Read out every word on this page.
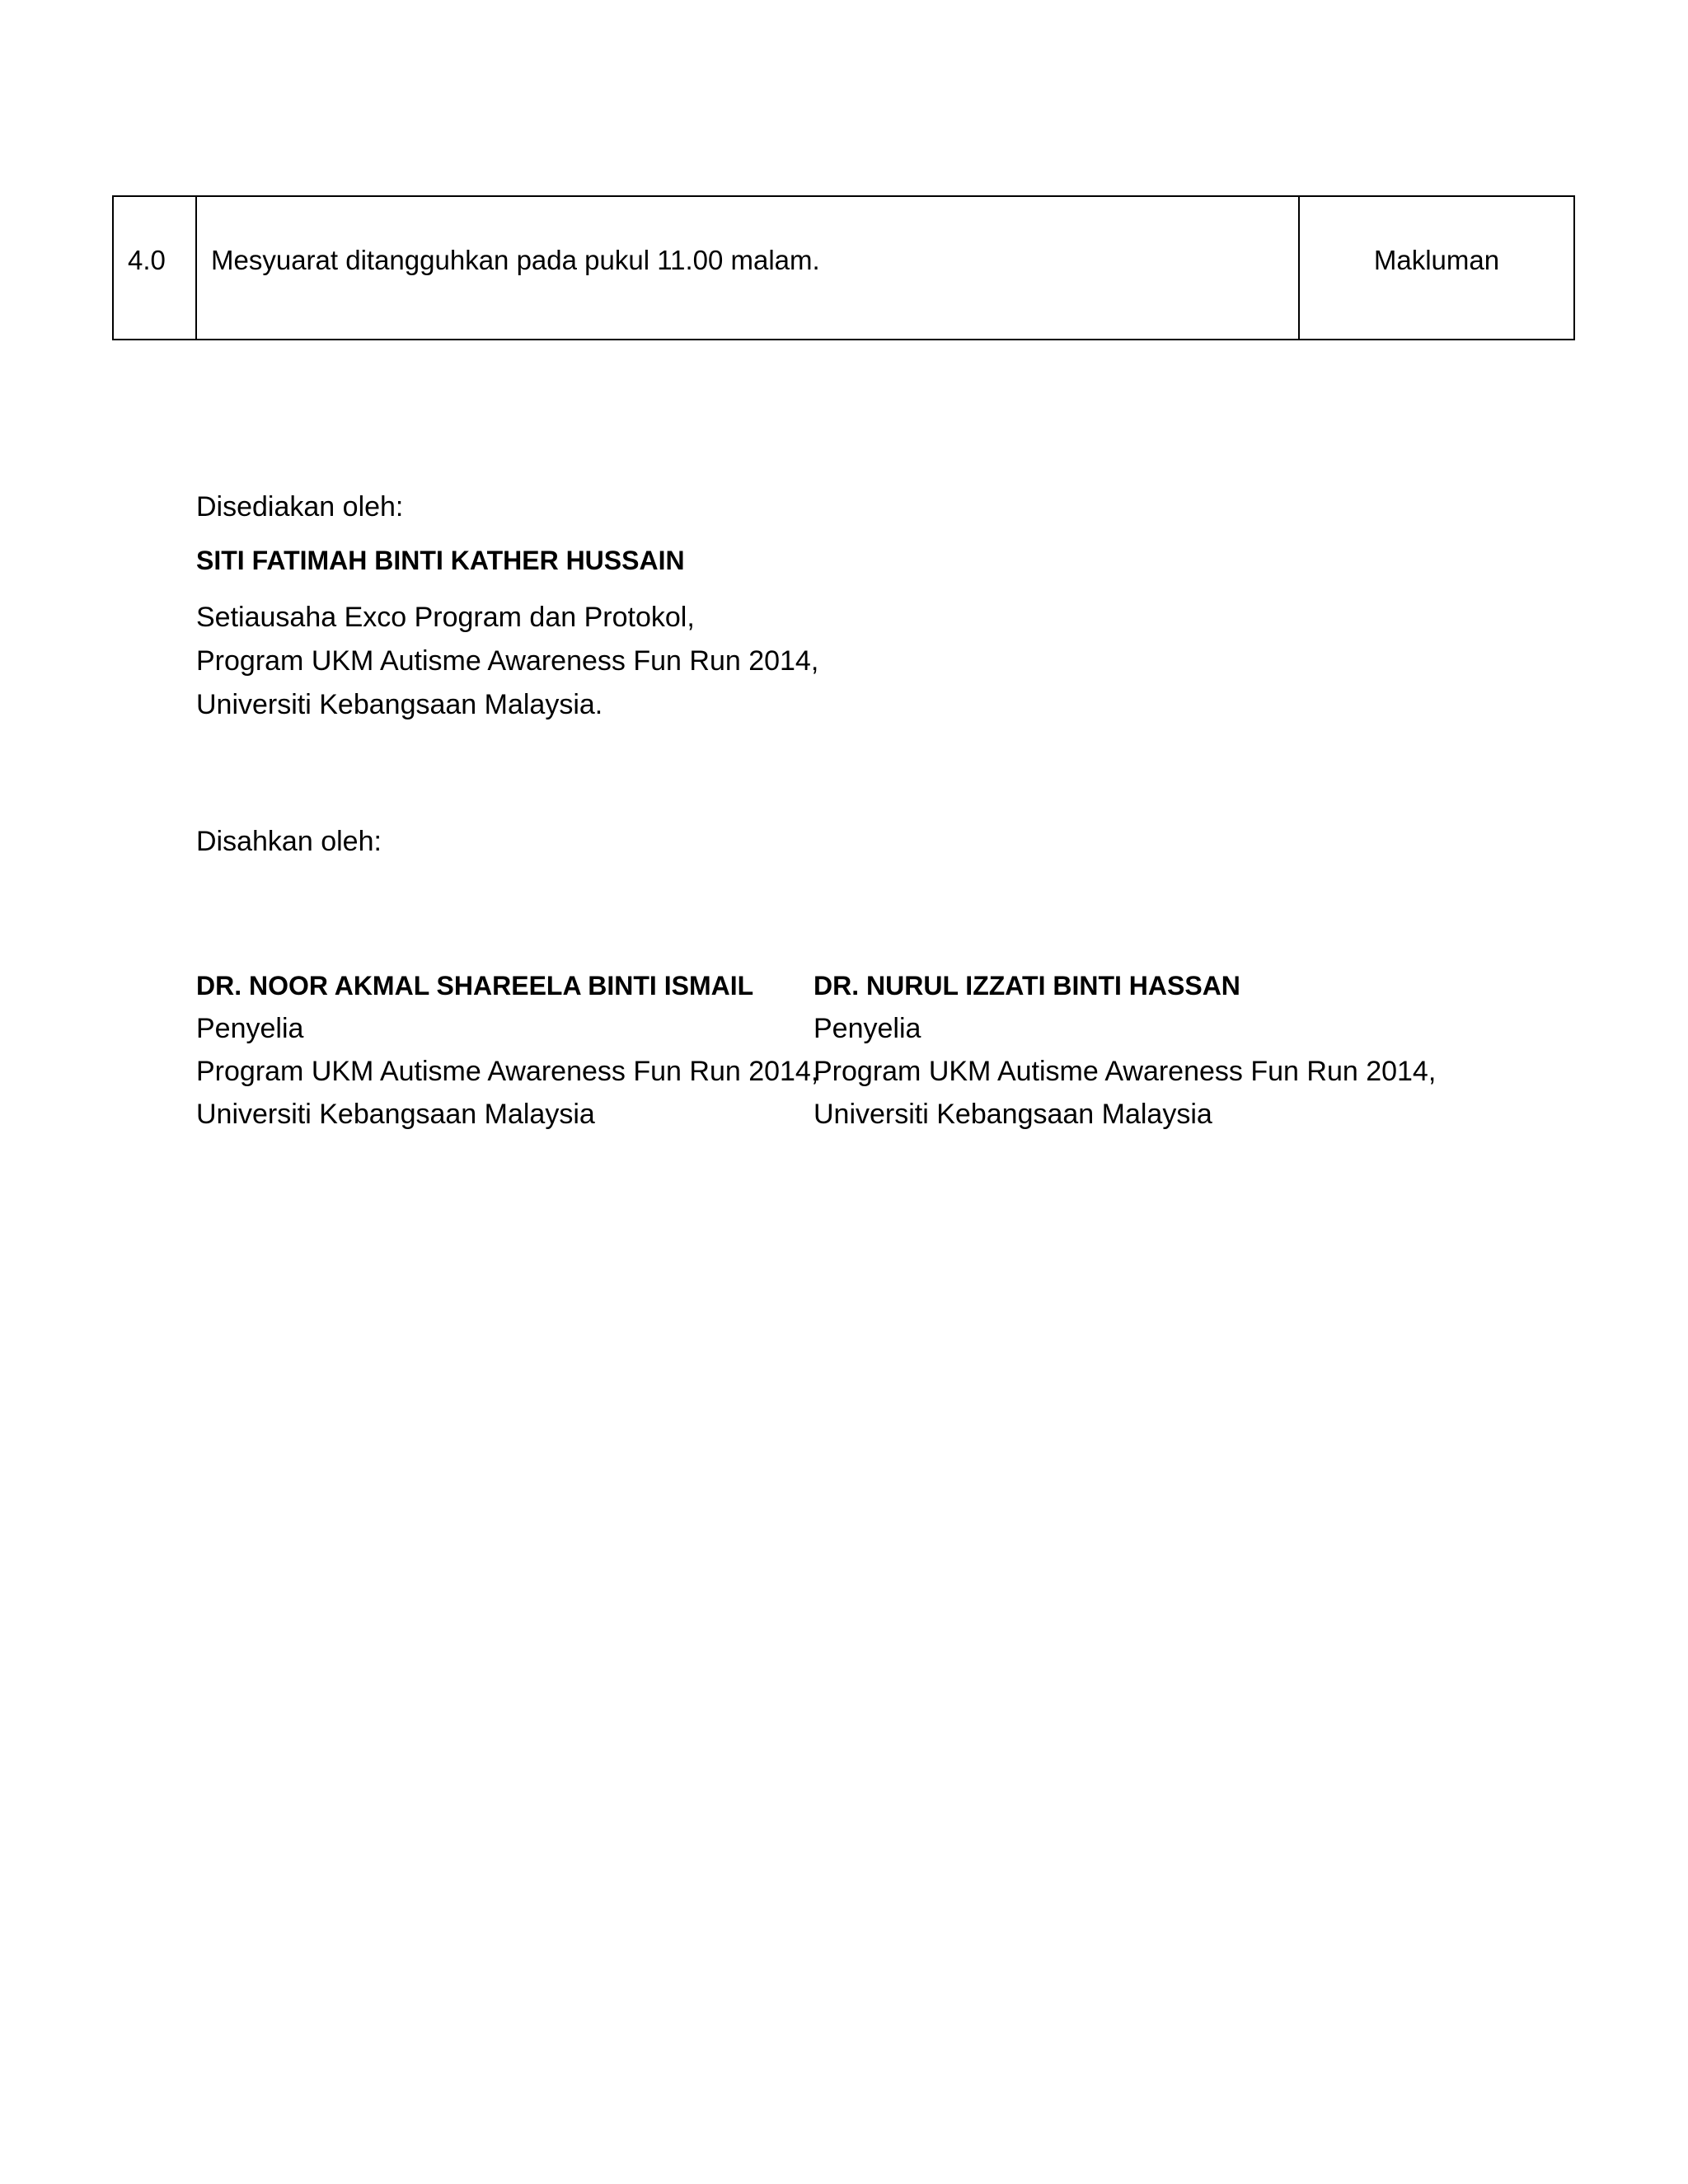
4.0	Mesyuarat ditangguhkan pada pukul 11.00 malam.	Makluman
Disediakan oleh:
SITI FATIMAH BINTI KATHER HUSSAIN
Setiausaha Exco Program dan Protokol,
Program UKM Autisme Awareness Fun Run 2014,
Universiti Kebangsaan Malaysia.
Disahkan oleh:
DR. NOOR AKMAL SHAREELA BINTI ISMAIL
Penyelia
Program UKM Autisme Awareness Fun Run 2014,
Universiti Kebangsaan Malaysia
DR. NURUL IZZATI BINTI HASSAN
Penyelia
Program UKM Autisme Awareness Fun Run 2014,
Universiti Kebangsaan Malaysia
